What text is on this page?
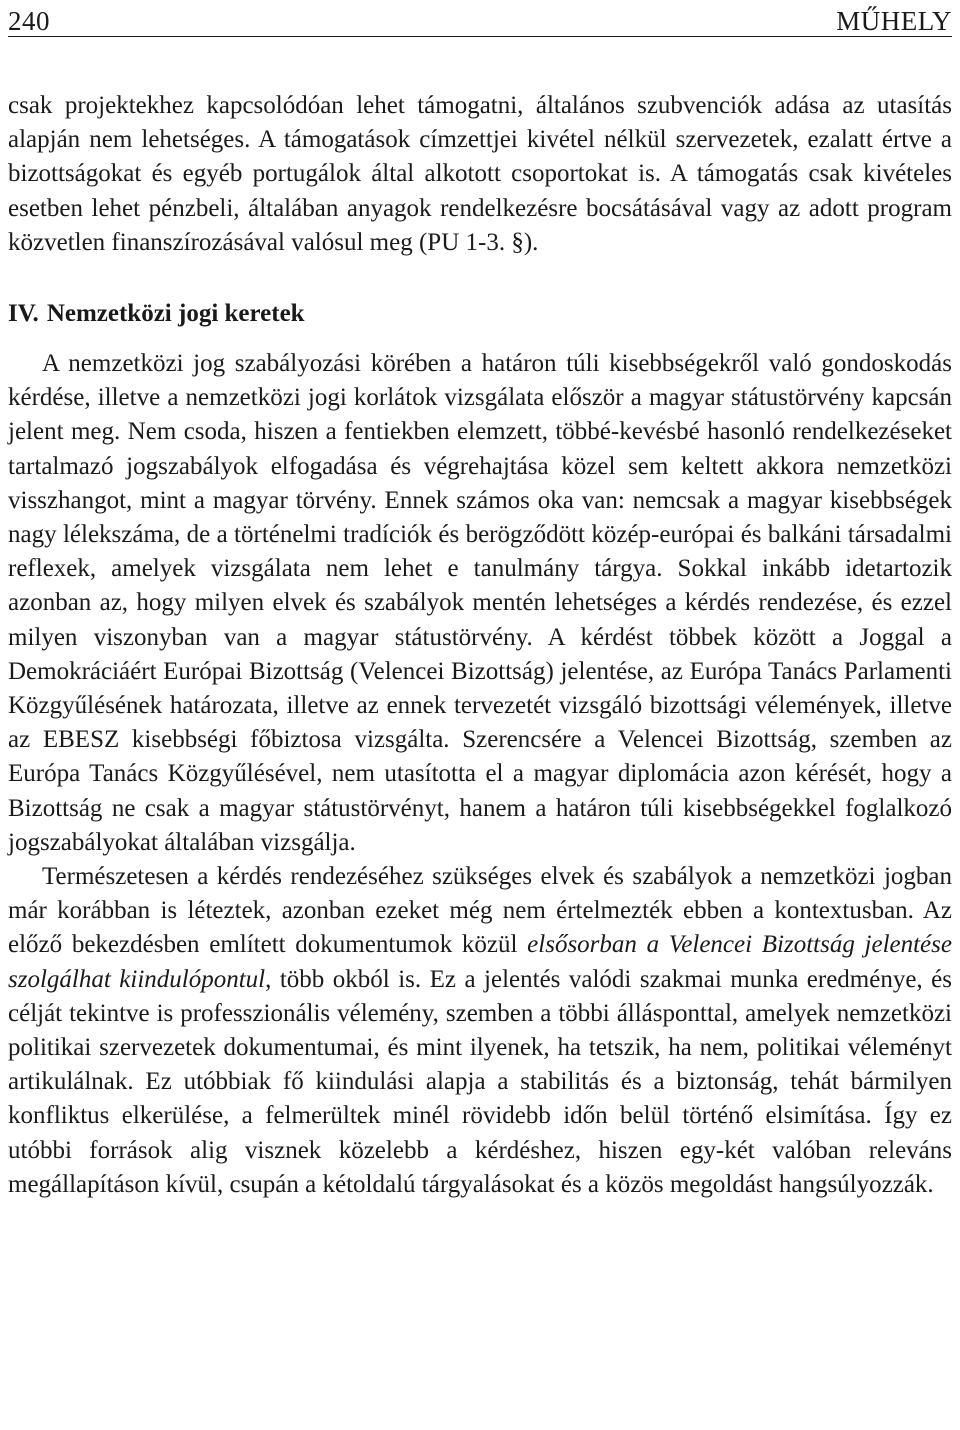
240	MŰHELY

csak projektekhez kapcsolódóan lehet támogatni, általános szubvenciók adása az utasítás alapján nem lehetséges. A támogatások címzettjei kivétel nélkül szervezetek, ezalatt értve a bizottságokat és egyéb portugálok által alkotott csoportokat is. A támogatás csak kivételes esetben lehet pénzbeli, általában anyagok rendelkezésre bocsátásával vagy az adott program közvetlen finanszírozásával valósul meg (PU 1-3. §).

IV. Nemzetközi jogi keretek

A nemzetközi jog szabályozási körében a határon túli kisebbségekről való gondoskodás kérdése, illetve a nemzetközi jogi korlátok vizsgálata először a magyar státustörvény kapcsán jelent meg. Nem csoda, hiszen a fentiekben elemzett, többé-kevésbé hasonló rendelkezéseket tartalmazó jogszabályok elfogadása és végrehajtása közel sem keltett akkora nemzetközi visszhangot, mint a magyar törvény. Ennek számos oka van: nemcsak a magyar kisebbségek nagy lélekszáma, de a történelmi tradíciók és berögződött közép-európai és balkáni társadalmi reflexek, amelyek vizsgálata nem lehet e tanulmány tárgya. Sokkal inkább idetartozik azonban az, hogy milyen elvek és szabályok mentén lehetséges a kérdés rendezése, és ezzel milyen viszonyban van a magyar státustörvény. A kérdést többek között a Joggal a Demokráciáért Európai Bizottság (Velencei Bizottság) jelentése, az Európa Tanács Parlamenti Közgyűlésének határozata, illetve az ennek tervezetét vizsgáló bizottsági vélemények, illetve az EBESZ kisebbségi főbiztosa vizsgálta. Szerencsére a Velencei Bizottság, szemben az Európa Tanács Közgyűlésével, nem utasította el a magyar diplomácia azon kérését, hogy a Bizottság ne csak a magyar státustörvényt, hanem a határon túli kisebbségekkel foglalkozó jogszabályokat általában vizsgálja.

Természetesen a kérdés rendezéséhez szükséges elvek és szabályok a nemzetközi jogban már korábban is léteztek, azonban ezeket még nem értelmezték ebben a kontextusban. Az előző bekezdésben említett dokumentumok közül elsősorban a Velencei Bizottság jelentése szolgálhat kiindulópontul, több okból is. Ez a jelentés valódi szakmai munka eredménye, és célját tekintve is professzionális vélemény, szemben a többi állásponttal, amelyek nemzetközi politikai szervezetek dokumentumai, és mint ilyenek, ha tetszik, ha nem, politikai véleményt artikulálnak. Ez utóbbiak fő kiindulási alapja a stabilitás és a biztonság, tehát bármilyen konfliktus elkerülése, a felmerültek minél rövidebb időn belül történő elsimítása. Így ez utóbbi források alig visznek közelebb a kérdéshez, hiszen egy-két valóban releváns megállapításon kívül, csupán a kétoldalú tárgyalásokat és a közös megoldást hangsúlyozzák.
